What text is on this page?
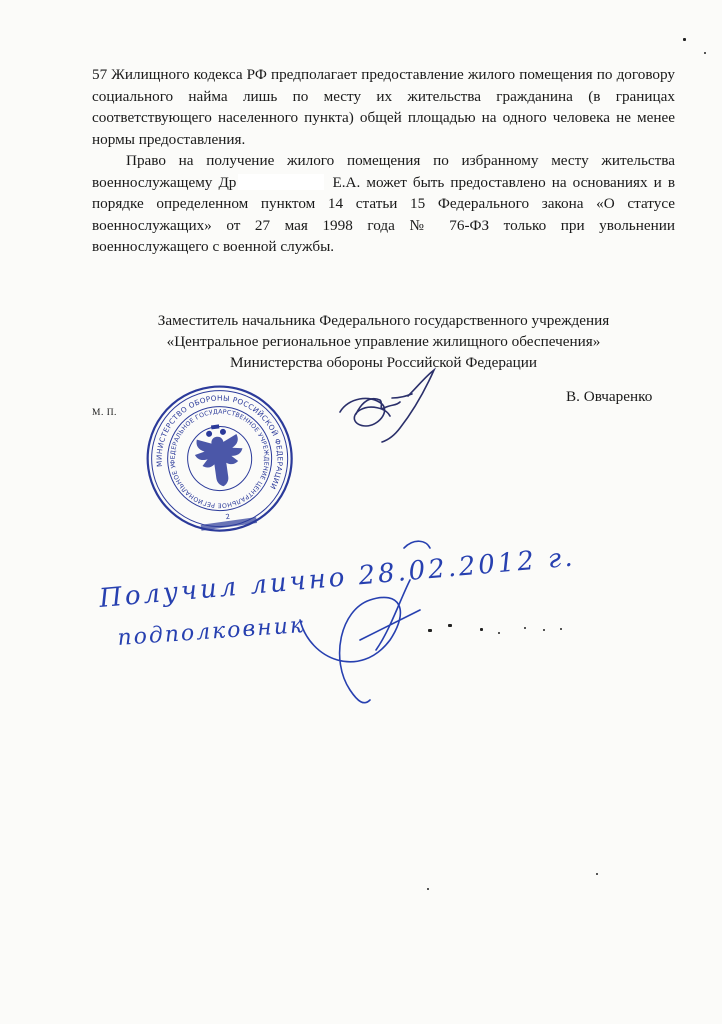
57 Жилищного кодекса РФ предполагает предоставление жилого помещения по договору социального найма лишь по месту их жительства гражданина (в границах соответствующего населенного пункта) общей площадью на одного человека не менее нормы предоставления.

Право на получение жилого помещения по избранному месту жительства военнослужащему Др	Е.А. может быть предоставлено на основаниях и в порядке определенном пунктом 14 статьи 15 Федерального закона «О статусе военнослужащих» от 27 мая 1998 года № 76-ФЗ только при увольнении военнослужащего с военной службы.

Заместитель начальника Федерального государственного учреждения
«Центральное региональное управление жилищного обеспечения»
Министерства обороны Российской Федерации
В. Овчаренко
М. П.
МИНИСТЕРСТВО ОБОРОНЫ РОССИЙСКОЙ ФЕДЕРАЦИИ
ФЕДЕРАЛЬНОЕ ГОСУДАРСТВЕННОЕ УЧРЕЖДЕНИЕ ЦЕНТРАЛЬНОЕ РЕГИОНАЛЬНОЕ УПРАВЛЕНИЕ
2
Получил лично 28.02.2012 г.
подполковник
